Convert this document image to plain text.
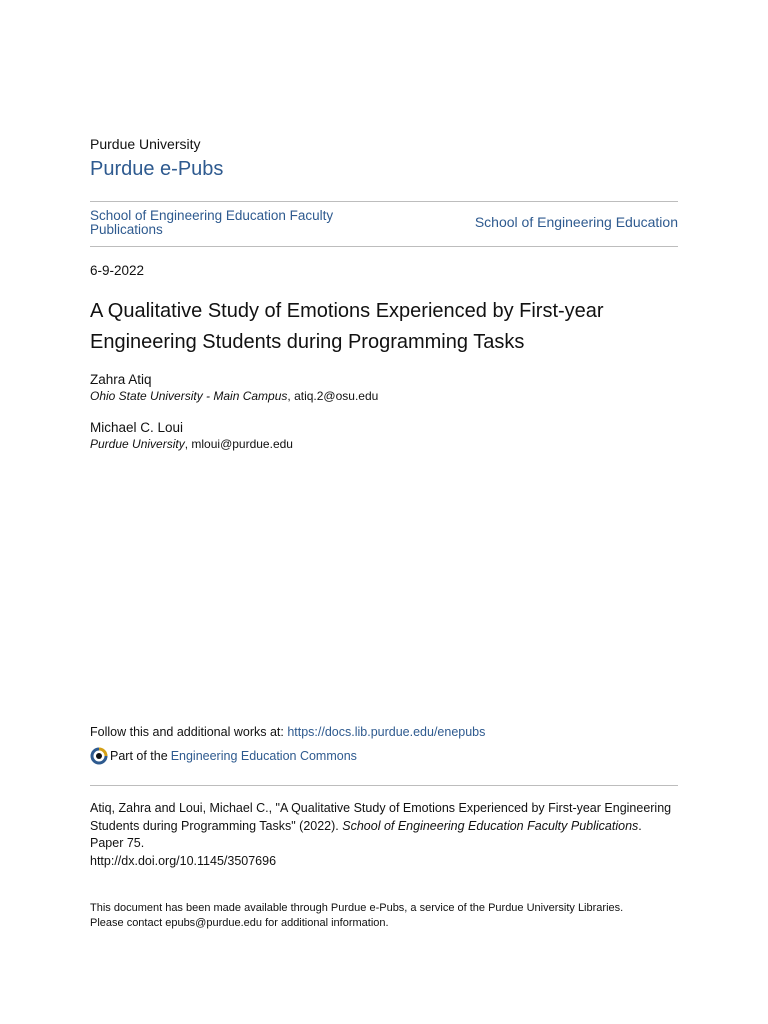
Purdue University
Purdue e-Pubs
School of Engineering Education Faculty Publications	School of Engineering Education
6-9-2022
A Qualitative Study of Emotions Experienced by First-year Engineering Students during Programming Tasks
Zahra Atiq
Ohio State University - Main Campus, atiq.2@osu.edu
Michael C. Loui
Purdue University, mloui@purdue.edu
Follow this and additional works at: https://docs.lib.purdue.edu/enepubs
Part of the Engineering Education Commons
Atiq, Zahra and Loui, Michael C., "A Qualitative Study of Emotions Experienced by First-year Engineering Students during Programming Tasks" (2022). School of Engineering Education Faculty Publications.
Paper 75.
http://dx.doi.org/10.1145/3507696
This document has been made available through Purdue e-Pubs, a service of the Purdue University Libraries.
Please contact epubs@purdue.edu for additional information.
